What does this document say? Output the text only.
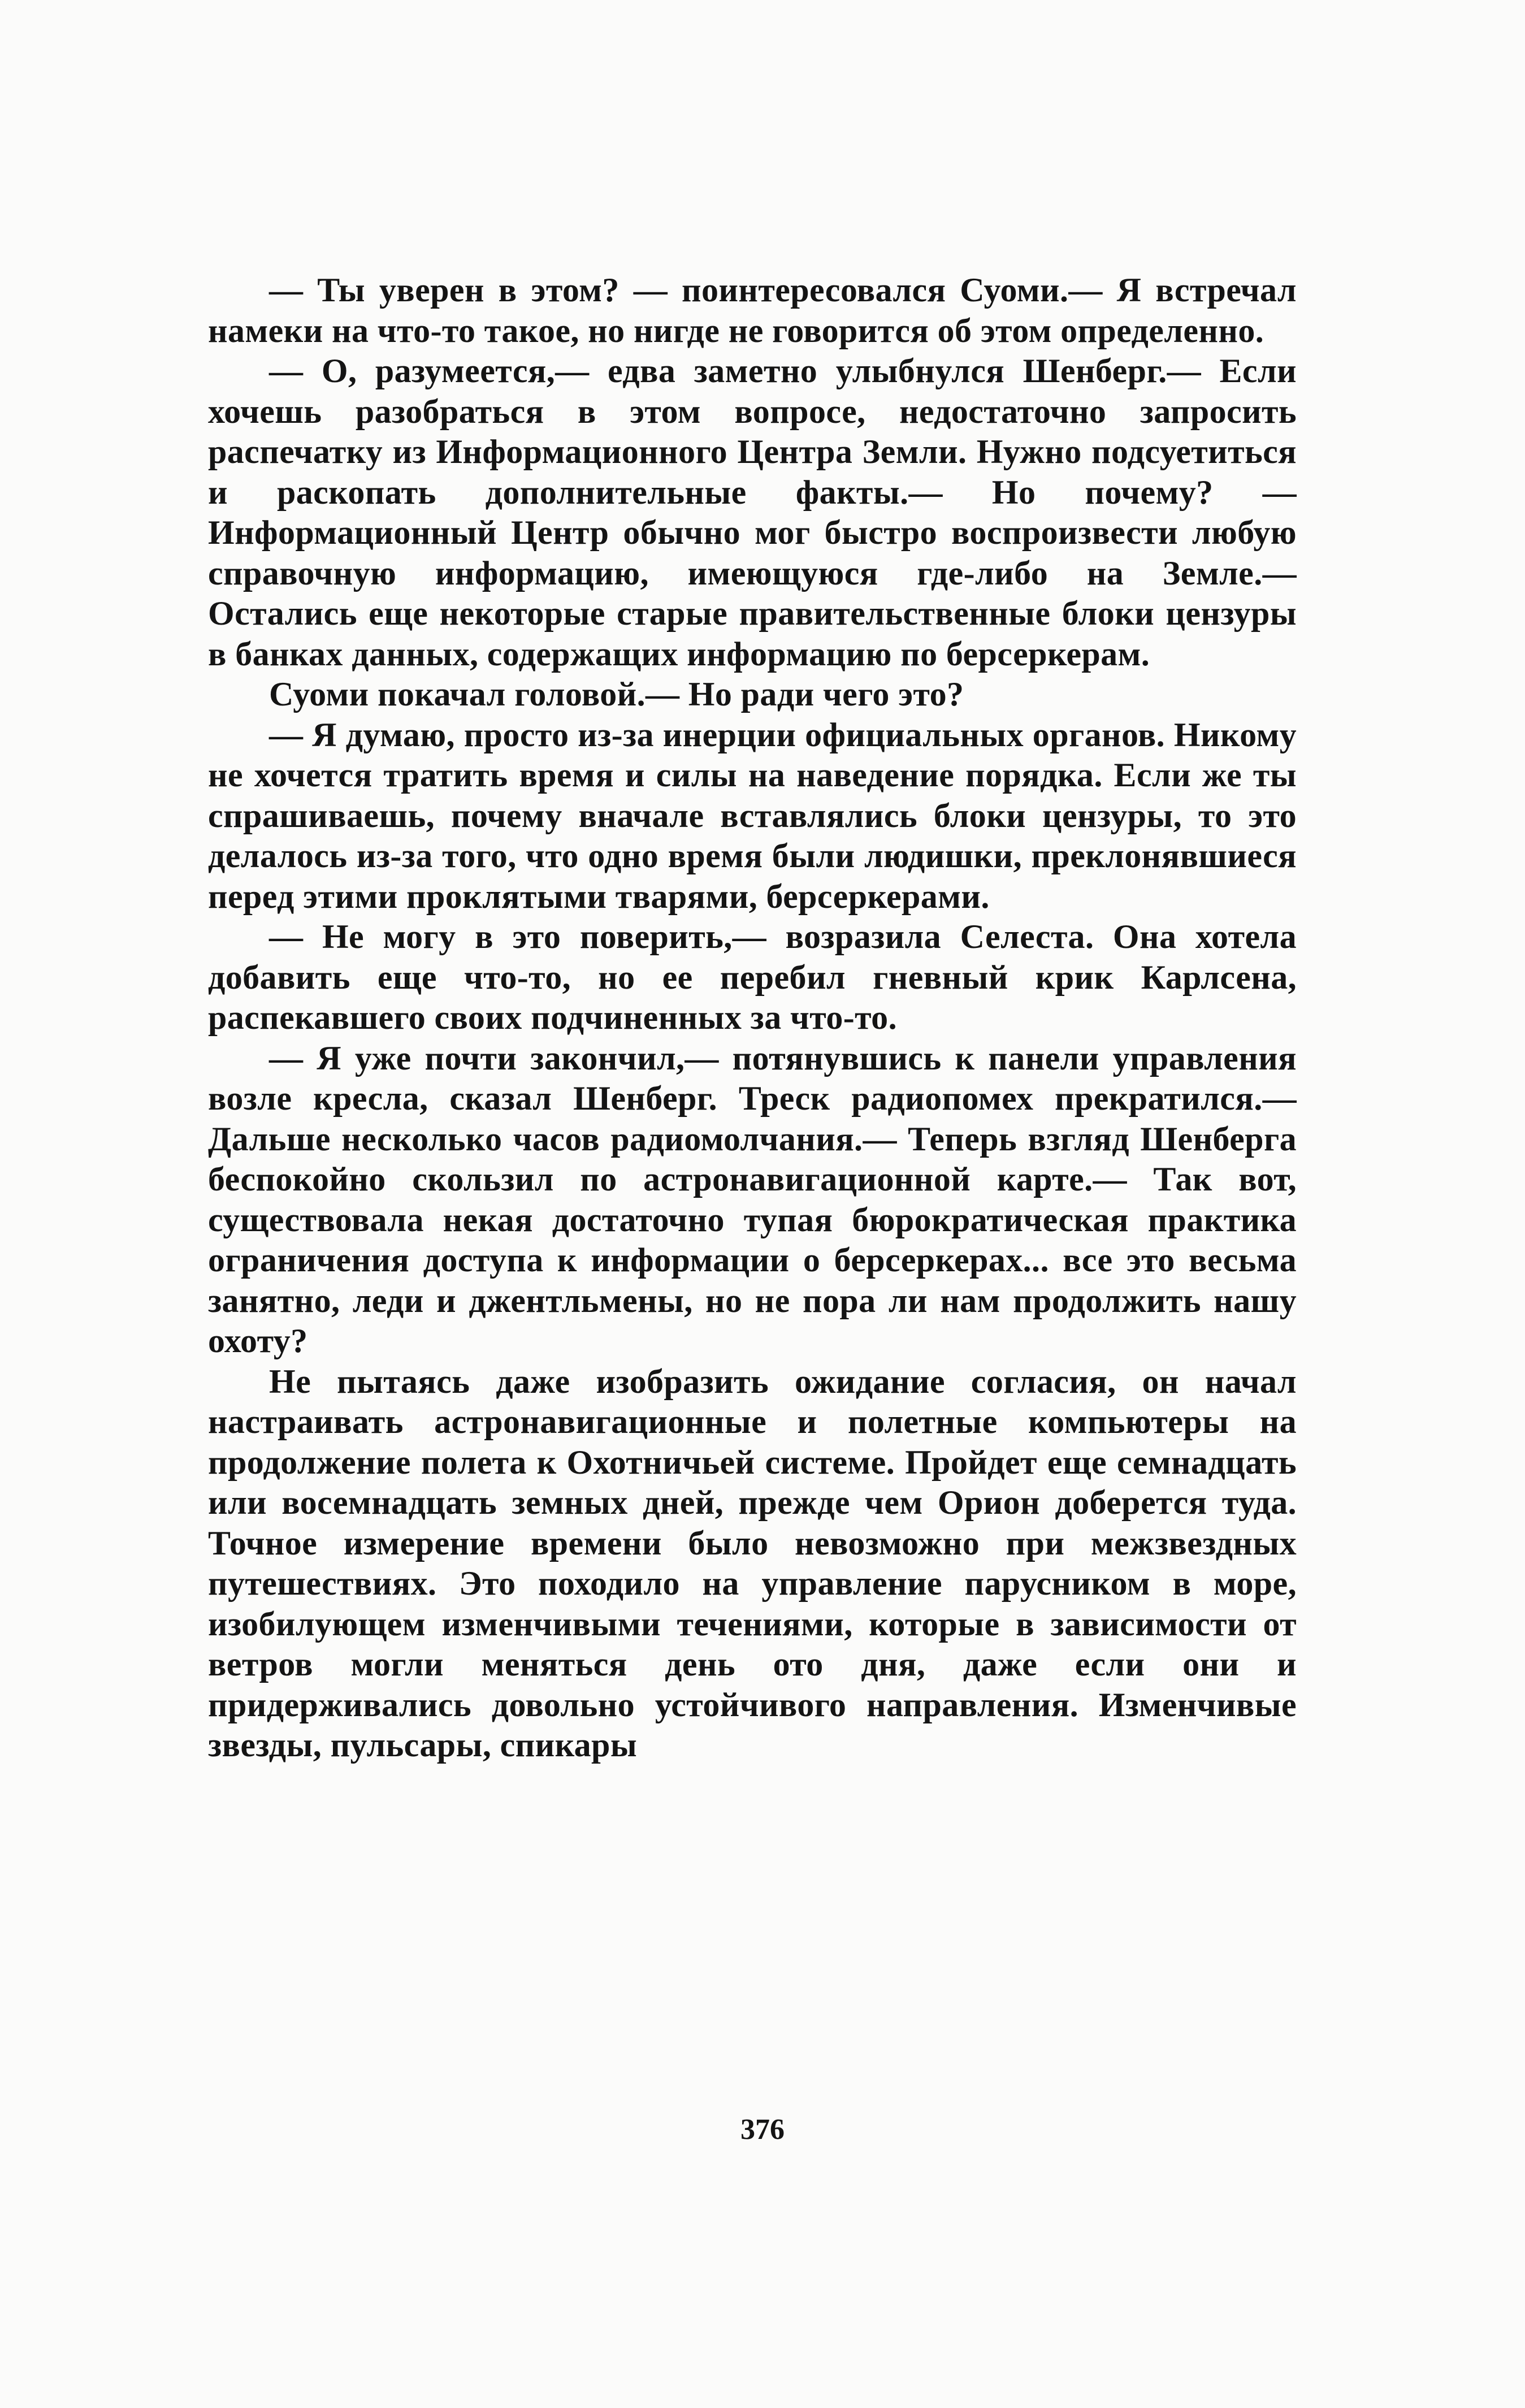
— Ты уверен в этом? — поинтересовался Суоми.— Я встречал намеки на что-то такое, но нигде не говорится об этом определенно.

— О, разумеется,— едва заметно улыбнулся Шенберг.— Если хочешь разобраться в этом вопросе, недостаточно запросить распечатку из Информационного Центра Земли. Нужно подсуетиться и раскопать дополнительные факты.— Но почему? — Информационный Центр обычно мог быстро воспроизвести любую справочную информацию, имеющуюся где-либо на Земле.— Остались еще некоторые старые правительственные блоки цензуры в банках данных, содержащих информацию по берсеркерам.

Суоми покачал головой.— Но ради чего это?

— Я думаю, просто из-за инерции официальных органов. Никому не хочется тратить время и силы на наведение порядка. Если же ты спрашиваешь, почему вначале вставлялись блоки цензуры, то это делалось из-за того, что одно время были людишки, преклонявшиеся перед этими проклятыми тварями, берсеркерами.

— Не могу в это поверить,— возразила Селеста. Она хотела добавить еще что-то, но ее перебил гневный крик Карлсена, распекавшего своих подчиненных за что-то.

— Я уже почти закончил,— потянувшись к панели управления возле кресла, сказал Шенберг. Треск радиопомех прекратился.— Дальше несколько часов радиомолчания.— Теперь взгляд Шенберга беспокойно скользил по астронавигационной карте.— Так вот, существовала некая достаточно тупая бюрократическая практика ограничения доступа к информации о берсеркерах... все это весьма занятно, леди и джентльмены, но не пора ли нам продолжить нашу охоту?

Не пытаясь даже изобразить ожидание согласия, он начал настраивать астронавигационные и полетные компьютеры на продолжение полета к Охотничьей системе. Пройдет еще семнадцать или восемнадцать земных дней, прежде чем Орион доберется туда. Точное измерение времени было невозможно при межзвездных путешествиях. Это походило на управление парусником в море, изобилующем изменчивыми течениями, которые в зависимости от ветров могли меняться день ото дня, даже если они и придерживались довольно устойчивого направления. Изменчивые звезды, пульсары, спикары

376
